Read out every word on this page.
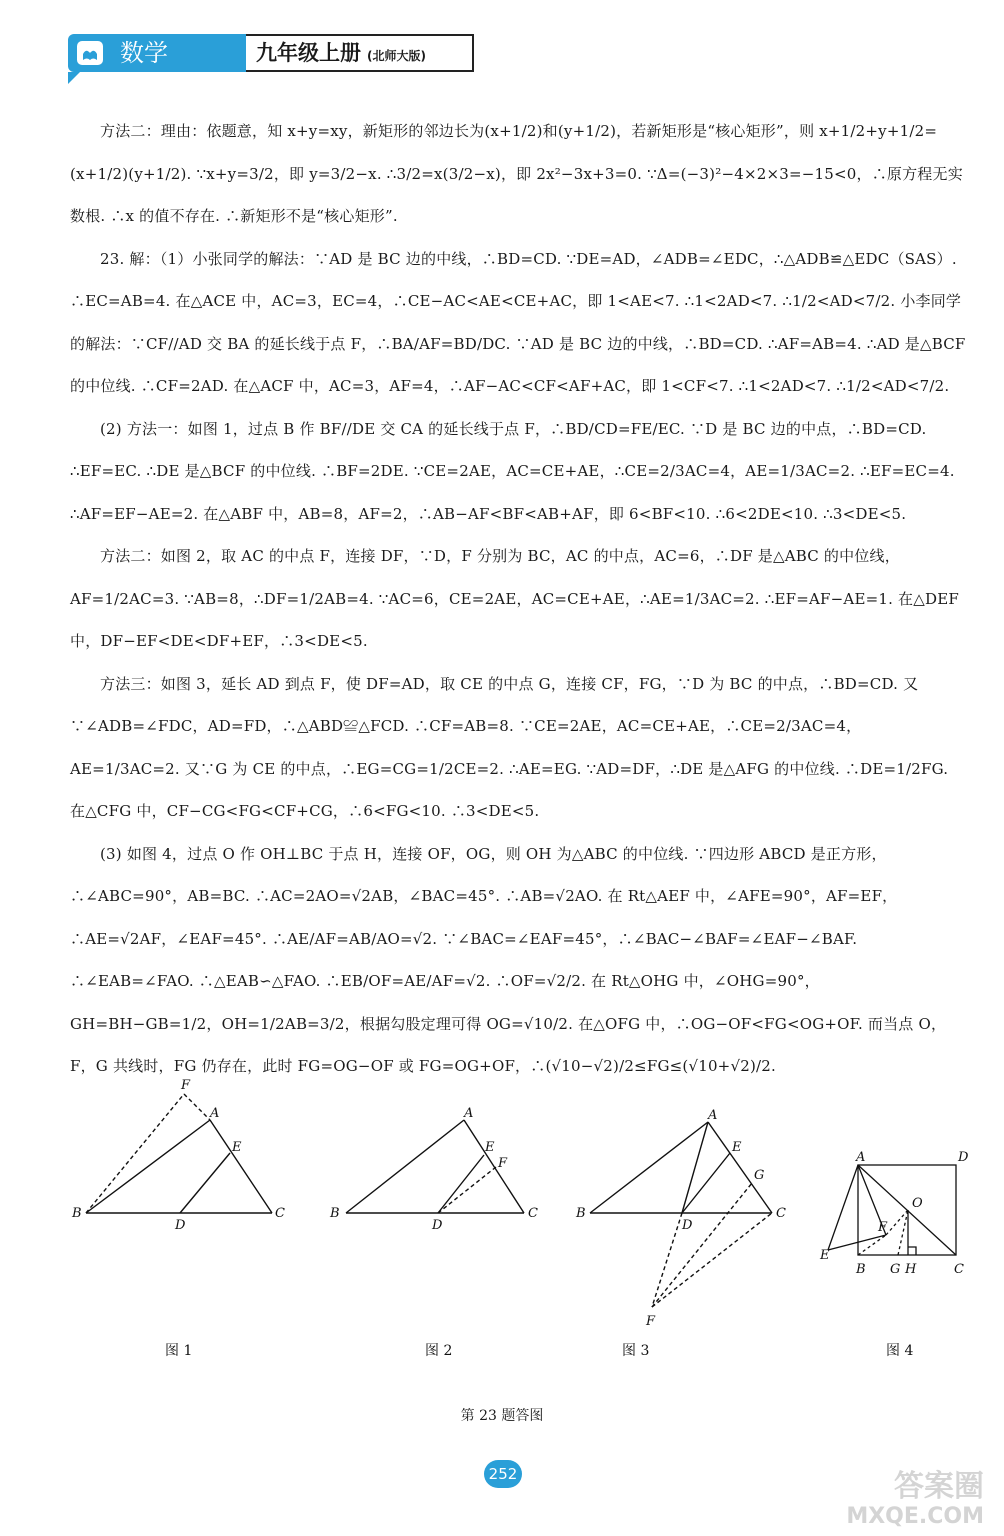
数学	九年级上册 (北师大版)

方法二：理由：依题意，知 x+y=xy，新矩形的邻边长为(x+1/2)和(y+1/2)，若新矩形是“核心矩形”，则 x+1/2+y+1/2=(x+1/2)(y+1/2). ∵x+y=3/2，即 y=3/2−x. ∴3/2=x(3/2−x)，即 2x²−3x+3=0. ∵Δ=(−3)²−4×2×3=−15<0，∴原方程无实数根. ∴x 的值不存在. ∴新矩形不是“核心矩形”.

23. 解：（1）小张同学的解法：∵AD 是 BC 边的中线，∴BD=CD. ∵DE=AD，∠ADB=∠EDC，∴△ADB≌△EDC（SAS）. ∴EC=AB=4. 在△ACE 中，AC=3，EC=4，∴CE−AC<AE<CE+AC，即 1<AE<7. ∴1<2AD<7. ∴1/2<AD<7/2. 小李同学的解法：∵CF//AD 交 BA 的延长线于点 F，∴BA/AF=BD/DC. ∵AD 是 BC 边的中线，∴BD=CD. ∴AF=AB=4. ∴AD 是△BCF 的中位线. ∴CF=2AD. 在△ACF 中，AC=3，AF=4，∴AF−AC<CF<AF+AC，即 1<CF<7. ∴1<2AD<7. ∴1/2<AD<7/2.

(2) 方法一：如图 1，过点 B 作 BF//DE 交 CA 的延长线于点 F，∴BD/CD=FE/EC. ∵D 是 BC 边的中点，∴BD=CD. ∴EF=EC. ∴DE 是△BCF 的中位线. ∴BF=2DE. ∵CE=2AE，AC=CE+AE，∴CE=2/3AC=4，AE=1/3AC=2. ∴EF=EC=4. ∴AF=EF−AE=2. 在△ABF 中，AB=8，AF=2，∴AB−AF<BF<AB+AF，即 6<BF<10. ∴6<2DE<10. ∴3<DE<5.

方法二：如图 2，取 AC 的中点 F，连接 DF，∵D，F 分别为 BC，AC 的中点，AC=6，∴DF 是△ABC 的中位线，AF=1/2AC=3. ∵AB=8，∴DF=1/2AB=4. ∵AC=6，CE=2AE，AC=CE+AE，∴AE=1/3AC=2. ∴EF=AF−AE=1. 在△DEF 中，DF−EF<DE<DF+EF，∴3<DE<5.

方法三：如图 3，延长 AD 到点 F，使 DF=AD，取 CE 的中点 G，连接 CF，FG，∵D 为 BC 的中点，∴BD=CD. 又∵∠ADB=∠FDC，AD=FD，∴△ABD≌△FCD. ∴CF=AB=8. ∵CE=2AE，AC=CE+AE，∴CE=2/3AC=4，AE=1/3AC=2. 又∵G 为 CE 的中点，∴EG=CG=1/2CE=2. ∴AE=EG. ∵AD=DF，∴DE 是△AFG 的中位线. ∴DE=1/2FG. 在△CFG 中，CF−CG<FG<CF+CG，∴6<FG<10. ∴3<DE<5.

(3) 如图 4，过点 O 作 OH⊥BC 于点 H，连接 OF，OG，则 OH 为△ABC 的中位线. ∵四边形 ABCD 是正方形，∴∠ABC=90°，AB=BC. ∴AC=2AO=√2AB，∠BAC=45°. ∴AB=√2AO. 在 Rt△AEF 中，∠AFE=90°，AF=EF，∴AE=√2AF，∠EAF=45°. ∴AE/AF=AB/AO=√2. ∵∠BAC=∠EAF=45°，∴∠BAC−∠BAF=∠EAF−∠BAF. ∴∠EAB=∠FAO. ∴△EAB∽△FAO. ∴EB/OF=AE/AF=√2. ∴OF=√2/2. 在 Rt△OHG 中，∠OHG=90°，GH=BH−GB=1/2，OH=1/2AB=3/2，根据勾股定理可得 OG=√10/2. 在△OFG 中，∴OG−OF<FG<OG+OF. 而当点 O，F，G 共线时，FG 仍存在，此时 FG=OG−OF 或 FG=OG+OF，∴(√10−√2)/2≤FG≤(√10+√2)/2.

F
A
E
B
D
C
图 1
A
E
F
B
D
C
图 2
A
E
G
B
D
C
F
图 3
A	D
O
F
E
B G H	C
图 4
第 23 题答图
252	答案圈
MXQE.COM
